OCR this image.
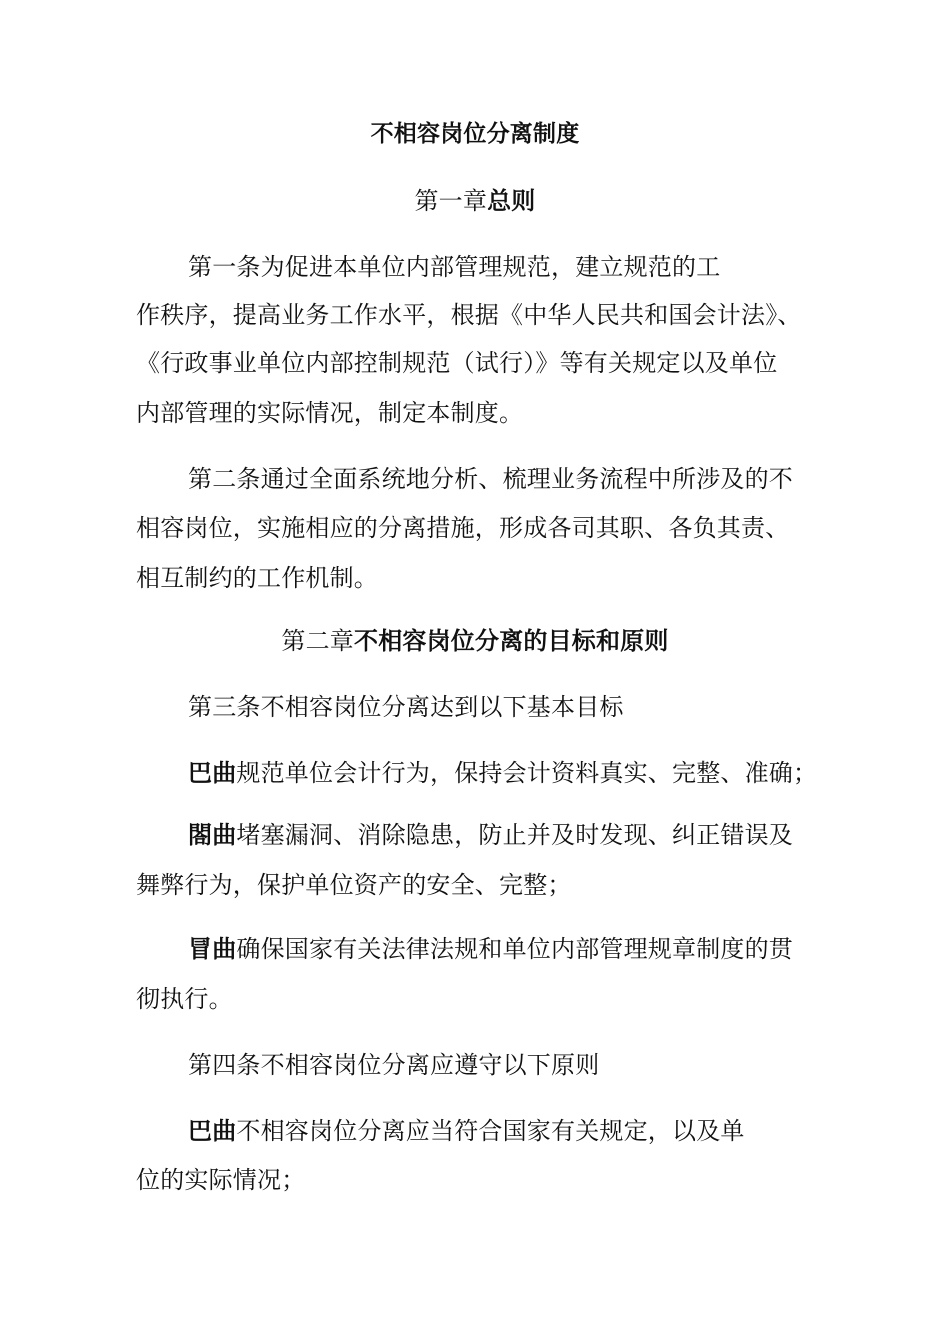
不相容岗位分离制度
第一章总则
第一条为促进本单位内部管理规范，建立规范的工
作秩序，提高业务工作水平，根据《中华人民共和国会计法》、
《行政事业单位内部控制规范（试行）》等有关规定以及单位
内部管理的实际情况，制定本制度。
第二条通过全面系统地分析、梳理业务流程中所涉及的不
相容岗位，实施相应的分离措施，形成各司其职、各负其责、
相互制约的工作机制。
第二章不相容岗位分离的目标和原则
第三条不相容岗位分离达到以下基本目标
巴曲规范单位会计行为，保持会计资料真实、完整、准确；
閤曲堵塞漏洞、消除隐患，防止并及时发现、纠正错误及
舞弊行为，保护单位资产的安全、完整；
冒曲确保国家有关法律法规和单位内部管理规章制度的贯
彻执行。
第四条不相容岗位分离应遵守以下原则
巴曲不相容岗位分离应当符合国家有关规定，以及单
位的实际情况；
